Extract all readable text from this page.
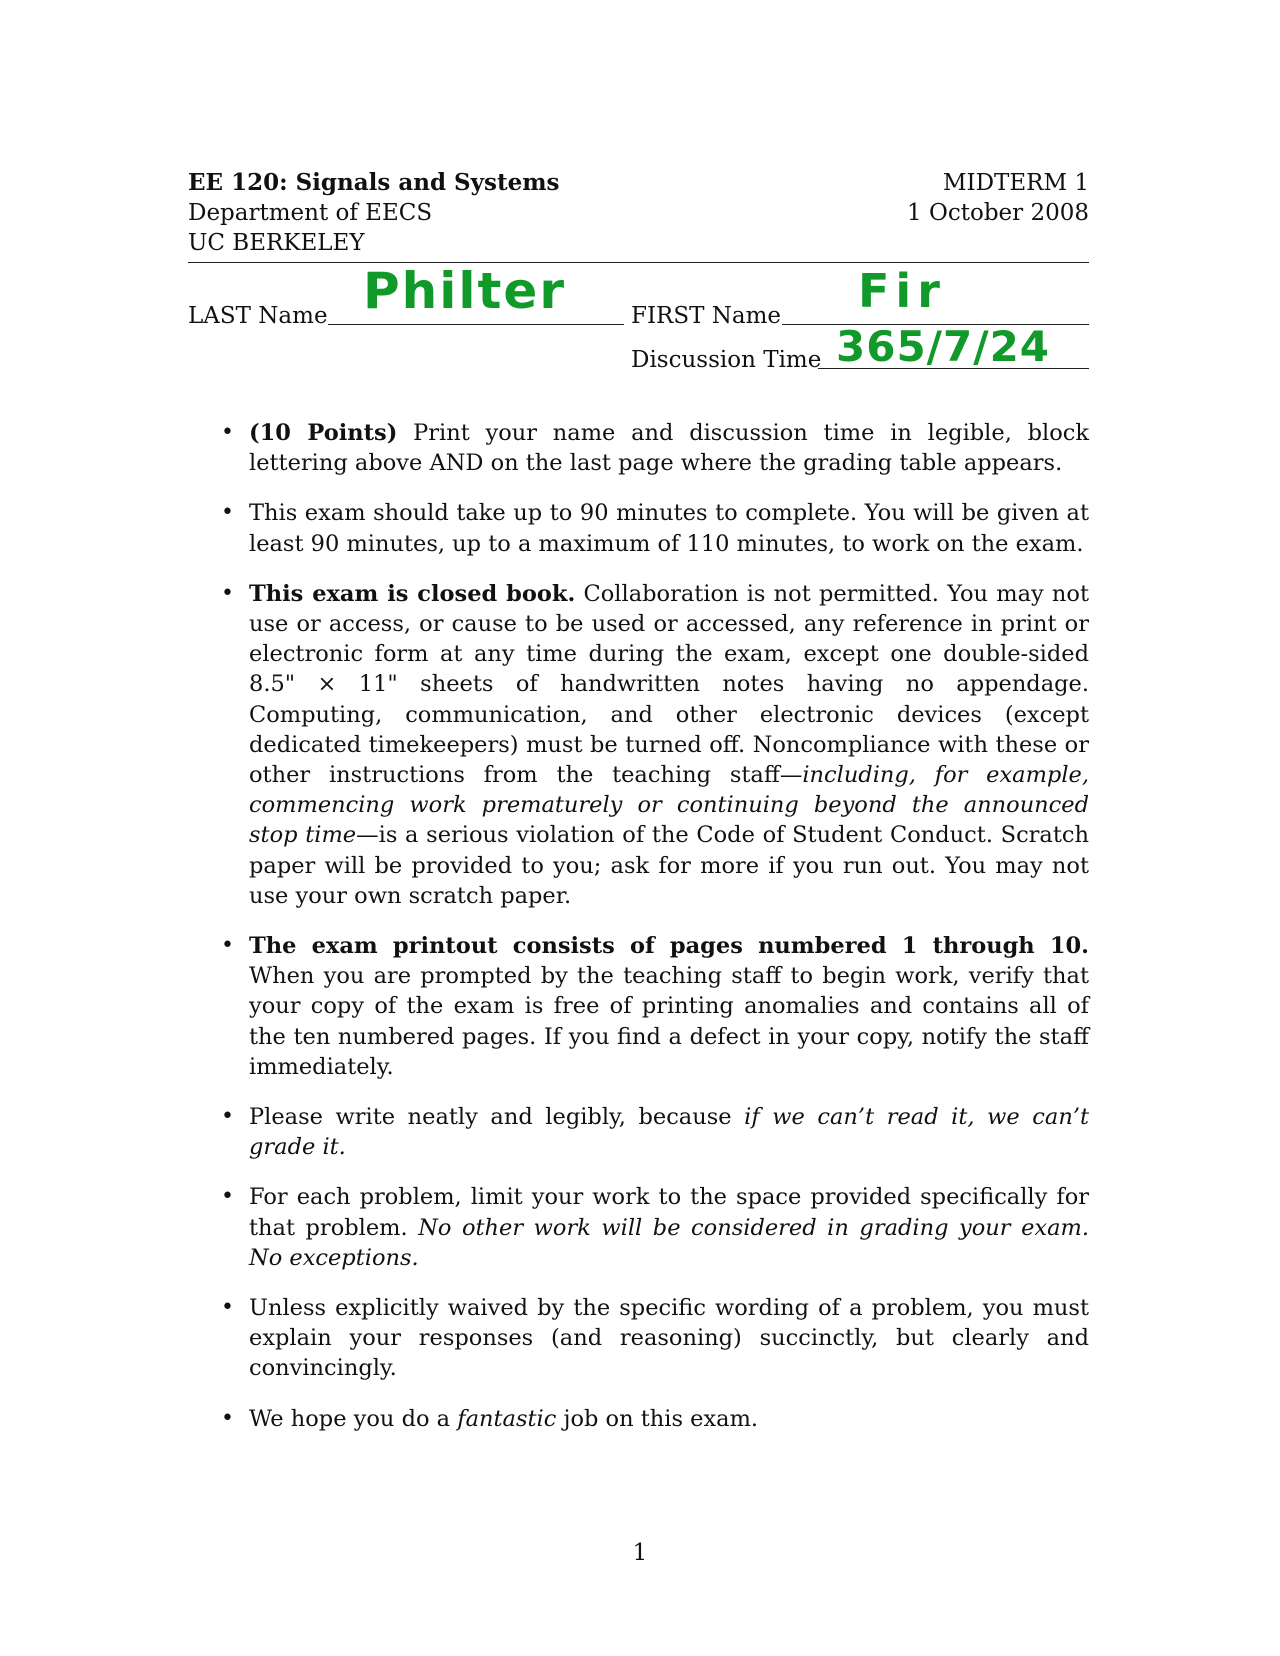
EE 120: Signals and Systems
Department of EECS
UC BERKELEY
MIDTERM 1
1 October 2008
LAST Name Philter	FIRST Name Fir
Discussion Time 365/7/24
• (10 Points) Print your name and discussion time in legible, block lettering above AND on the last page where the grading table appears.
• This exam should take up to 90 minutes to complete. You will be given at least 90 minutes, up to a maximum of 110 minutes, to work on the exam.
• This exam is closed book. Collaboration is not permitted. You may not use or access, or cause to be used or accessed, any reference in print or electronic form at any time during the exam, except one double-sided 8.5" × 11" sheets of handwritten notes having no appendage. Computing, communication, and other electronic devices (except dedicated timekeepers) must be turned off. Noncompliance with these or other instructions from the teaching staff—including, for example, commencing work prematurely or continuing beyond the announced stop time—is a serious violation of the Code of Student Conduct. Scratch paper will be provided to you; ask for more if you run out. You may not use your own scratch paper.
• The exam printout consists of pages numbered 1 through 10. When you are prompted by the teaching staff to begin work, verify that your copy of the exam is free of printing anomalies and contains all of the ten numbered pages. If you find a defect in your copy, notify the staff immediately.
• Please write neatly and legibly, because if we can’t read it, we can’t grade it.
• For each problem, limit your work to the space provided specifically for that problem. No other work will be considered in grading your exam. No exceptions.
• Unless explicitly waived by the specific wording of a problem, you must explain your responses (and reasoning) succinctly, but clearly and convincingly.
• We hope you do a fantastic job on this exam.
1
